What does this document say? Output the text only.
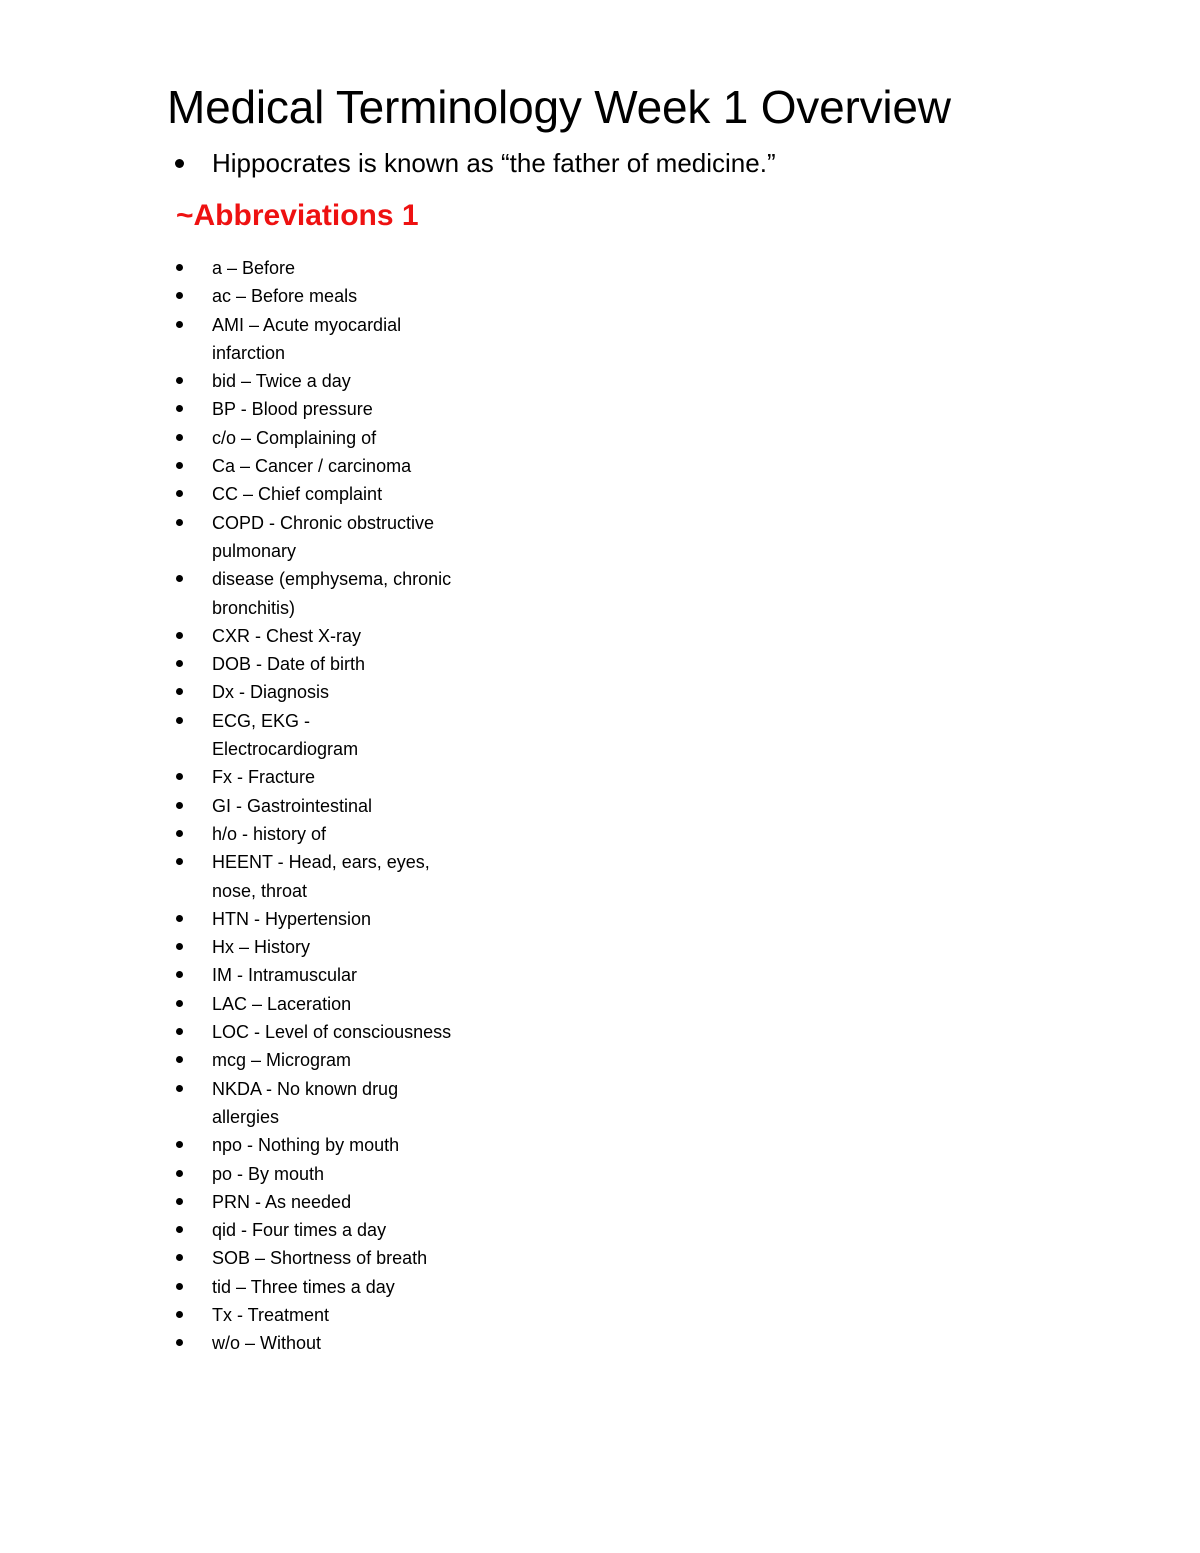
Medical Terminology Week 1 Overview
Hippocrates is known as “the father of medicine.”
~Abbreviations 1
a – Before
ac – Before meals
AMI – Acute myocardial infarction
bid – Twice a day
BP - Blood pressure
c/o – Complaining of
Ca – Cancer / carcinoma
CC – Chief complaint
COPD - Chronic obstructive pulmonary
disease (emphysema, chronic bronchitis)
CXR - Chest X-ray
DOB - Date of birth
Dx - Diagnosis
ECG, EKG - Electrocardiogram
Fx - Fracture
GI - Gastrointestinal
h/o - history of
HEENT - Head, ears, eyes, nose, throat
HTN - Hypertension
Hx – History
IM - Intramuscular
LAC – Laceration
LOC - Level of consciousness
mcg – Microgram
NKDA - No known drug allergies
npo - Nothing by mouth
po - By mouth
PRN - As needed
qid - Four times a day
SOB – Shortness of breath
tid – Three times a day
Tx - Treatment
w/o – Without
